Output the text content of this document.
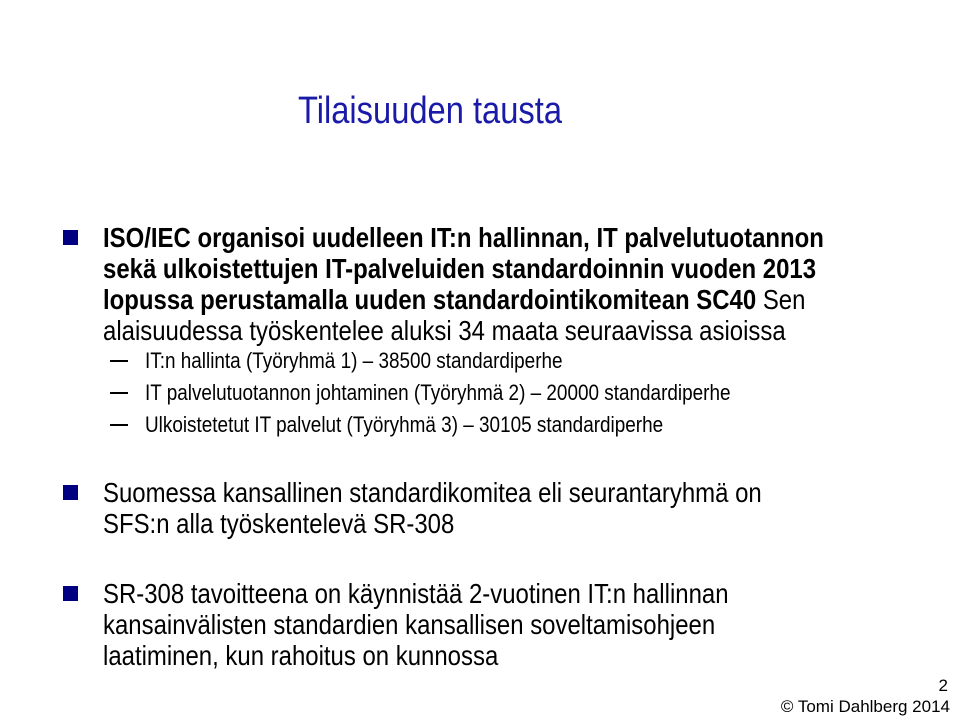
Tilaisuuden tausta
ISO/IEC organisoi uudelleen IT:n hallinnan, IT palvelutuotannon
sekä ulkoistettujen IT-palveluiden standardoinnin vuoden 2013
lopussa perustamalla uuden standardointikomitean SC40 Sen
alaisuudessa työskentelee aluksi 34 maata seuraavissa asioissa
IT:n hallinta (Työryhmä 1) – 38500 standardiperhe
IT palvelutuotannon johtaminen (Työryhmä 2) – 20000 standardiperhe
Ulkoistetetut IT palvelut (Työryhmä 3) – 30105 standardiperhe
Suomessa kansallinen standardikomitea eli seurantaryhmä on
SFS:n alla työskentelevä SR-308
SR-308 tavoitteena on käynnistää 2-vuotinen IT:n hallinnan
kansainvälisten standardien kansallisen soveltamisohjeen
laatiminen, kun rahoitus on kunnossa
2
© Tomi Dahlberg 2014
